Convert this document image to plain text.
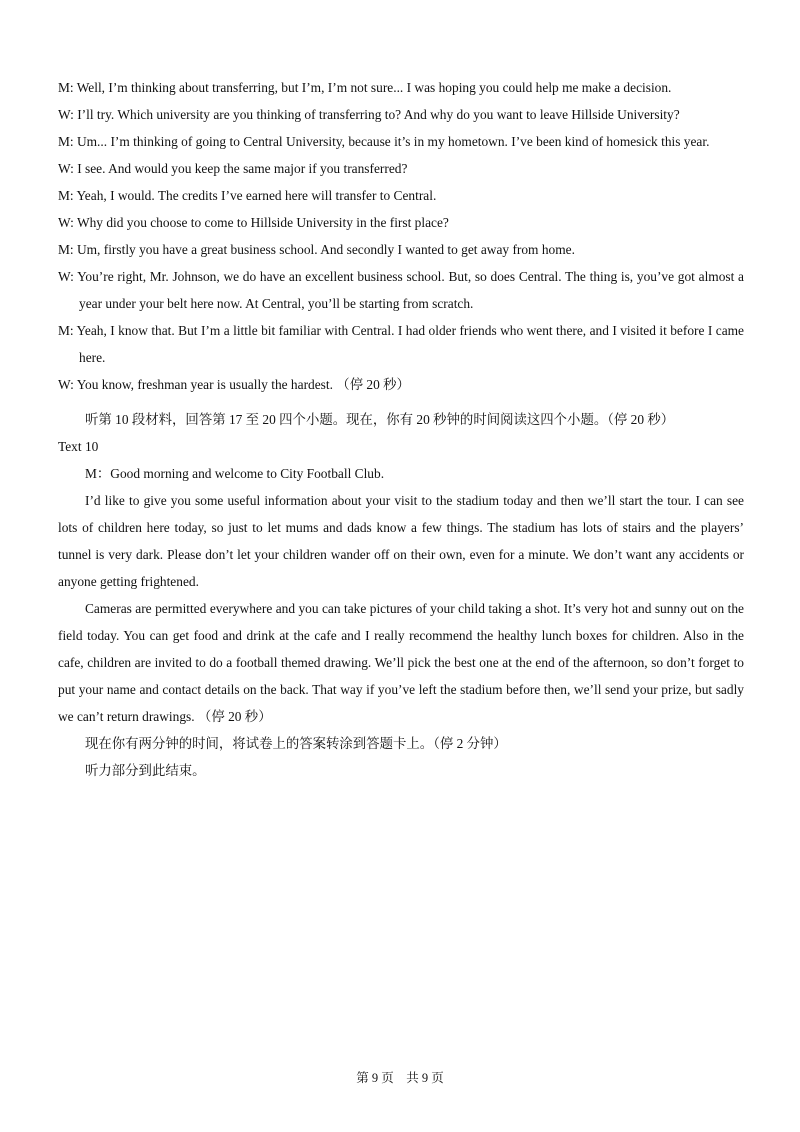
M: Well, I’m thinking about transferring, but I’m, I’m not sure... I was hoping you could help me make a decision.
W: I’ll try. Which university are you thinking of transferring to? And why do you want to leave Hillside University?
M: Um... I’m thinking of going to Central University, because it’s in my hometown. I’ve been kind of homesick this year.
W: I see. And would you keep the same major if you transferred?
M: Yeah, I would. The credits I’ve earned here will transfer to Central.
W: Why did you choose to come to Hillside University in the first place?
M: Um, firstly you have a great business school. And secondly I wanted to get away from home.
W: You’re right, Mr. Johnson, we do have an excellent business school. But, so does Central. The thing is, you’ve got almost a year under your belt here now. At Central, you’ll be starting from scratch.
M: Yeah, I know that. But I’m a little bit familiar with Central. I had older friends who went there, and I visited it before I came here.
W: You know, freshman year is usually the hardest. （停 20 秒）
听第 10 段材料，回答第 17 至 20 四个小题。现在，你有 20 秒钟的时间阅读这四个小题。（停 20 秒）
Text 10
M：Good morning and welcome to City Football Club.
I’d like to give you some useful information about your visit to the stadium today and then we’ll start the tour. I can see lots of children here today, so just to let mums and dads know a few things. The stadium has lots of stairs and the players’ tunnel is very dark. Please don’t let your children wander off on their own, even for a minute. We don’t want any accidents or anyone getting frightened.
Cameras are permitted everywhere and you can take pictures of your child taking a shot. It’s very hot and sunny out on the field today. You can get food and drink at the cafe and I really recommend the healthy lunch boxes for children. Also in the cafe, children are invited to do a football themed drawing. We’ll pick the best one at the end of the afternoon, so don’t forget to put your name and contact details on the back. That way if you’ve left the stadium before then, we’ll send your prize, but sadly we can’t return drawings. （停 20 秒）
现在你有两分钟的时间，将试卷上的答案转涂到答题卡上。（停 2 分钟）
听力部分到此结束。
第 9 页　共 9 页
